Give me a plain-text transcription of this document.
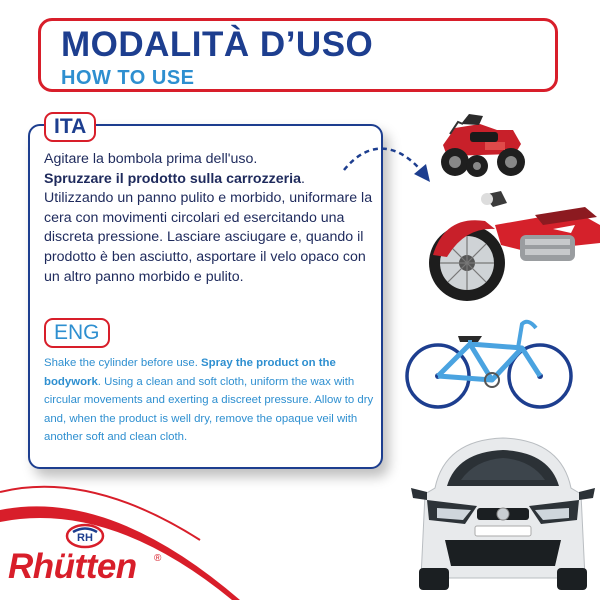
MODALITÀ D’USO
HOW TO USE
ITA
Agitare la bombola prima dell'uso.
Spruzzare il prodotto sulla carrozzeria.
Utilizzando un panno pulito e morbido, uniformare la cera con movimenti circolari ed esercitando una discreta pressione. Lasciare asciugare e, quando il prodotto è ben asciutto, asportare il velo opaco con un altro panno morbido e pulito.
ENG
Shake the cylinder before use. Spray the product on the bodywork. Using a clean and soft cloth, uniform the wax with circular movements and exerting a discreet pressure. Allow to dry and, when the product is well dry, remove the opaque veil with another soft and clean cloth.
RH
Rhütten ®
